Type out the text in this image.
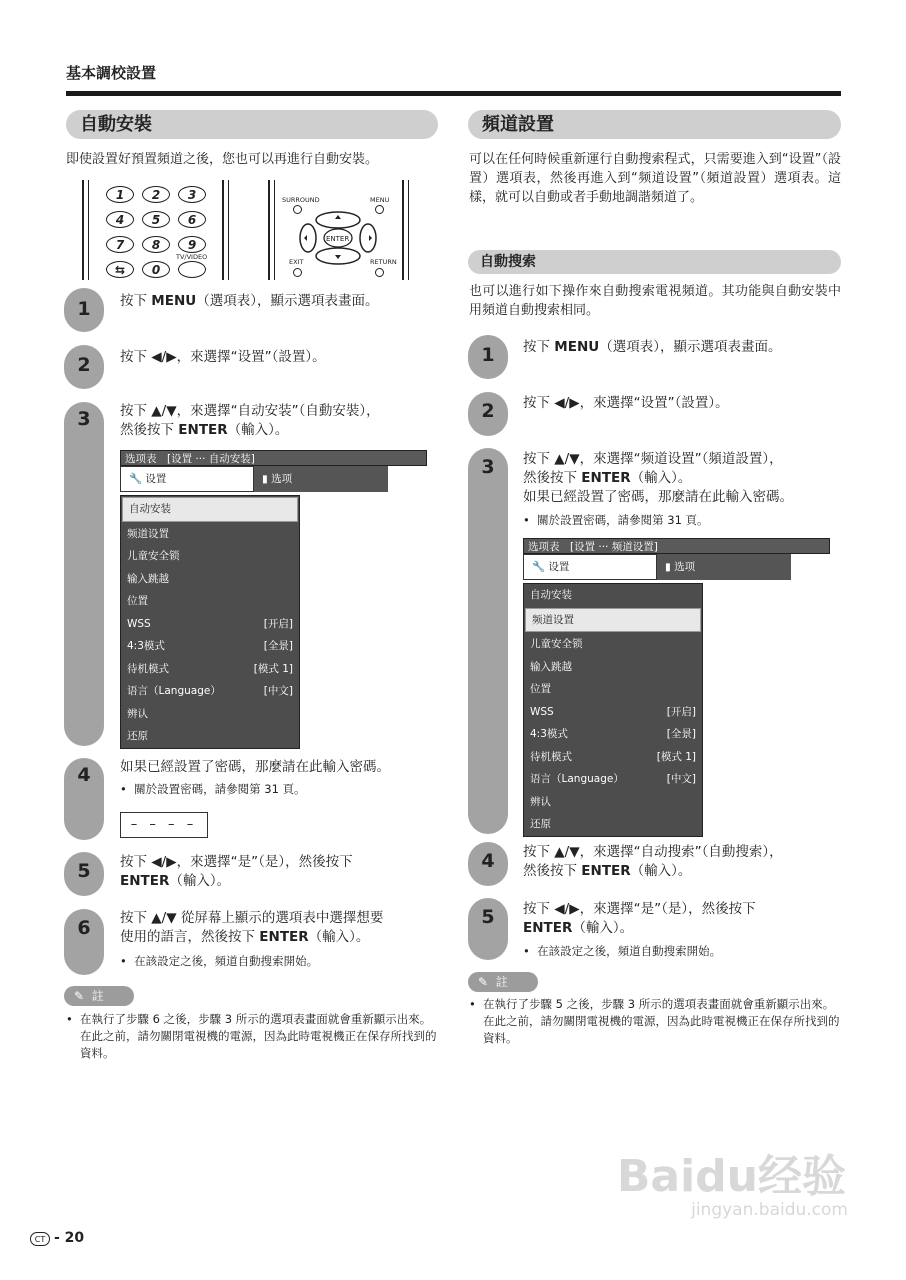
基本調校設置
自動安裝
即使設置好預置頻道之後，您也可以再進行自動安裝。
1	2	3
4	5	6
7	8	9
⇆	0
TV/VIDEO
SURROUND	MENU
ENTER
EXIT	RETURN
1	按下 MENU（選項表），顯示選項表畫面。
2	按下 ◀/▶，來選擇“设置”（設置）。
3	按下 ▲/▼，來選擇“自动安装”（自動安裝），
然後按下 ENTER（輸入）。
选项表　[设置 ··· 自动安装]
🔧 设置	▮ 选项
自动安装
频道设置
儿童安全锁
输入跳越
位置
WSS	[开启]
4:3模式	[全景]
待机模式	[模式 1]
语言（Language）	[中文]
辨认
还原
4	如果已經設置了密碼，那麼請在此輸入密碼。
•  關於設置密碼，請參閱第 31 頁。
– – – –
5	按下 ◀/▶，來選擇“是”（是），然後按下
ENTER（輸入）。
6	按下 ▲/▼ 從屏幕上顯示的選項表中選擇想要
使用的語言，然後按下 ENTER（輸入）。
•  在該設定之後，頻道自動搜索開始。
✎ 註
• 在執行了步驟 6 之後，步驟 3 所示的選項表畫面就會重新顯示出來。在此之前，請勿關閉電視機的電源，因為此時電視機正在保存所找到的資料。
頻道設置
可以在任何時候重新運行自動搜索程式，只需要進入到“设置”（設置）選項表，然後再進入到“频道设置”（頻道設置）選項表。這樣，就可以自動或者手動地調諧頻道了。
自動搜索
也可以進行如下操作來自動搜索電視頻道。其功能與自動安裝中用頻道自動搜索相同。
1	按下 MENU（選項表），顯示選項表畫面。
2	按下 ◀/▶，來選擇“设置”（設置）。
3	按下 ▲/▼，來選擇“频道设置”（頻道設置），
然後按下 ENTER（輸入）。
如果已經設置了密碼，那麼請在此輸入密碼。
•  關於設置密碼，請參閱第 31 頁。
选项表　[设置 ··· 频道设置]
🔧 设置	▮ 选项
自动安装
频道设置
儿童安全锁
输入跳越
位置
WSS	[开启]
4:3模式	[全景]
待机模式	[模式 1]
语言（Language）	[中文]
辨认
还原
4	按下 ▲/▼，來選擇“自动搜索”（自動搜索），
然後按下 ENTER（輸入）。
5	按下 ◀/▶，來選擇“是”（是），然後按下
ENTER（輸入）。
•  在該設定之後，頻道自動搜索開始。
✎ 註
• 在執行了步驟 5 之後，步驟 3 所示的選項表畫面就會重新顯示出來。在此之前，請勿關閉電視機的電源，因為此時電視機正在保存所找到的資料。
Baidu经验
jingyan.baidu.com
CT - 20
